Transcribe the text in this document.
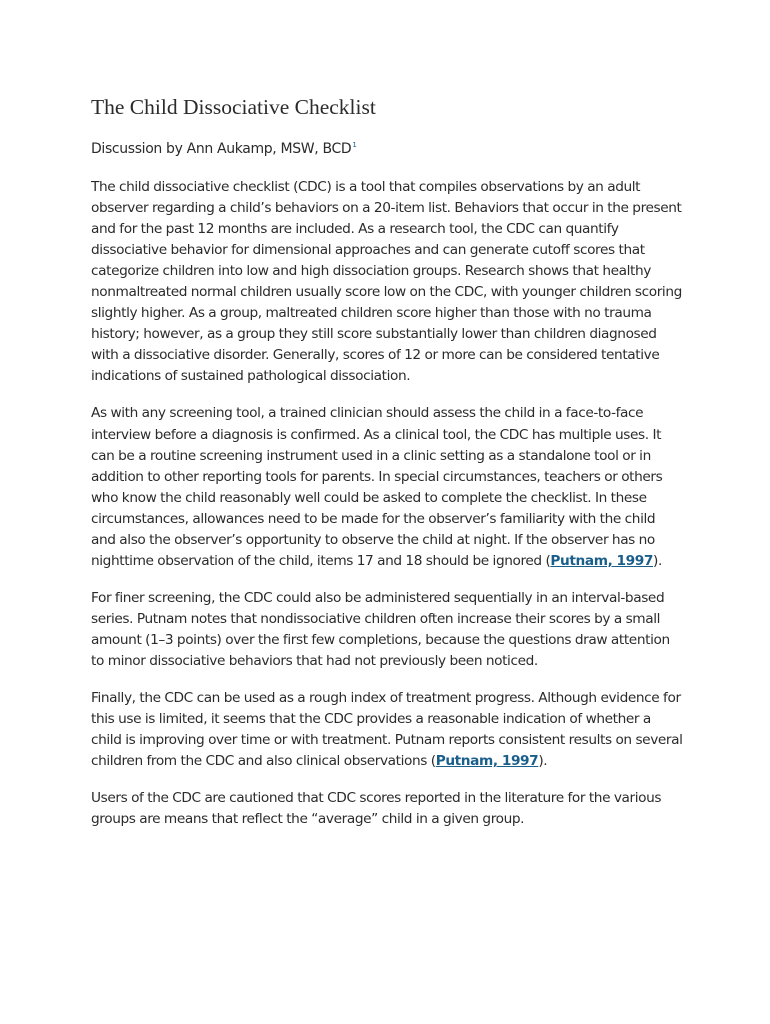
The Child Dissociative Checklist
Discussion by Ann Aukamp, MSW, BCD$^1$

The child dissociative checklist (CDC) is a tool that compiles observations by an adult observer regarding a child’s behaviors on a 20-item list. Behaviors that occur in the present and for the past 12 months are included. As a research tool, the CDC can quantify dissociative behavior for dimensional approaches and can generate cutoff scores that categorize children into low and high dissociation groups. Research shows that healthy nonmaltreated normal children usually score low on the CDC, with younger children scoring slightly higher. As a group, maltreated children score higher than those with no trauma history; however, as a group they still score substantially lower than children diagnosed with a dissociative disorder. Generally, scores of 12 or more can be considered tentative indications of sustained pathological dissociation.

As with any screening tool, a trained clinician should assess the child in a face-to-face interview before a diagnosis is confirmed. As a clinical tool, the CDC has multiple uses. It can be a routine screening instrument used in a clinic setting as a standalone tool or in addition to other reporting tools for parents. In special circumstances, teachers or others who know the child reasonably well could be asked to complete the checklist. In these circumstances, allowances need to be made for the observer’s familiarity with the child and also the observer’s opportunity to observe the child at night. If the observer has no nighttime observation of the child, items 17 and 18 should be ignored (Putnam, 1997).

For finer screening, the CDC could also be administered sequentially in an interval-based series. Putnam notes that nondissociative children often increase their scores by a small amount (1–3 points) over the first few completions, because the questions draw attention to minor dissociative behaviors that had not previously been noticed.

Finally, the CDC can be used as a rough index of treatment progress. Although evidence for this use is limited, it seems that the CDC provides a reasonable indication of whether a child is improving over time or with treatment. Putnam reports consistent results on several children from the CDC and also clinical observations (Putnam, 1997).

Users of the CDC are cautioned that CDC scores reported in the literature for the various groups are means that reflect the “average” child in a given group.
